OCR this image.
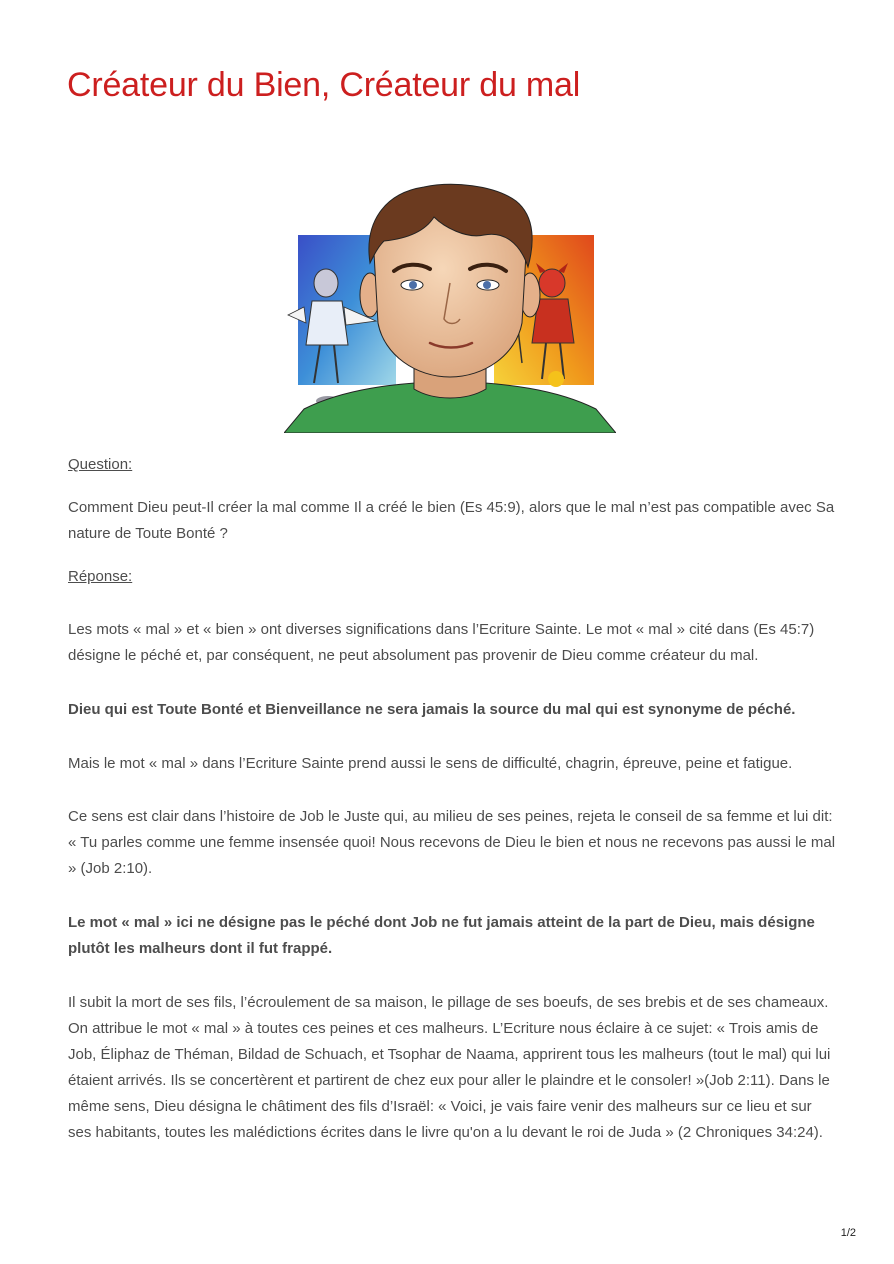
Créateur du Bien, Créateur du mal

Question:

Comment Dieu peut-Il créer la mal comme Il a créé le bien (Es 45:9), alors que le mal n’est pas compatible avec Sa nature de Toute Bonté ?

Réponse:

Les mots « mal » et « bien » ont diverses significations dans l’Ecriture Sainte. Le mot « mal » cité dans (Es 45:7) désigne le péché et, par conséquent, ne peut absolument pas provenir de Dieu comme créateur du mal.

Dieu qui est Toute Bonté et Bienveillance ne sera jamais la source du mal qui est synonyme de péché.

Mais le mot « mal » dans l’Ecriture Sainte prend aussi le sens de difficulté, chagrin, épreuve, peine et fatigue.

Ce sens est clair dans l’histoire de Job le Juste qui, au milieu de ses peines, rejeta le conseil de sa femme et lui dit: « Tu parles comme une femme insensée quoi! Nous recevons de Dieu le bien et nous ne recevons pas aussi le mal » (Job 2:10).

Le mot « mal » ici ne désigne pas le péché dont Job ne fut jamais atteint de la part de Dieu, mais désigne plutôt les malheurs dont il fut frappé.

Il subit la mort de ses fils, l’écroulement de sa maison, le pillage de ses boeufs, de ses brebis et de ses chameaux. On attribue le mot « mal » à toutes ces peines et ces malheurs. L’Ecriture nous éclaire à ce sujet: « Trois amis de Job, Éliphaz de Théman, Bildad de Schuach, et Tsophar de Naama, apprirent tous les malheurs (tout le mal) qui lui étaient arrivés. Ils se concertèrent et partirent de chez eux pour aller le plaindre et le consoler! »(Job 2:11). Dans le même sens, Dieu désigna le châtiment des fils d’Israël: « Voici, je vais faire venir des malheurs sur ce lieu et sur ses habitants, toutes les malédictions écrites dans le livre qu'on a lu devant le roi de Juda » (2 Chroniques 34:24).

1/2
